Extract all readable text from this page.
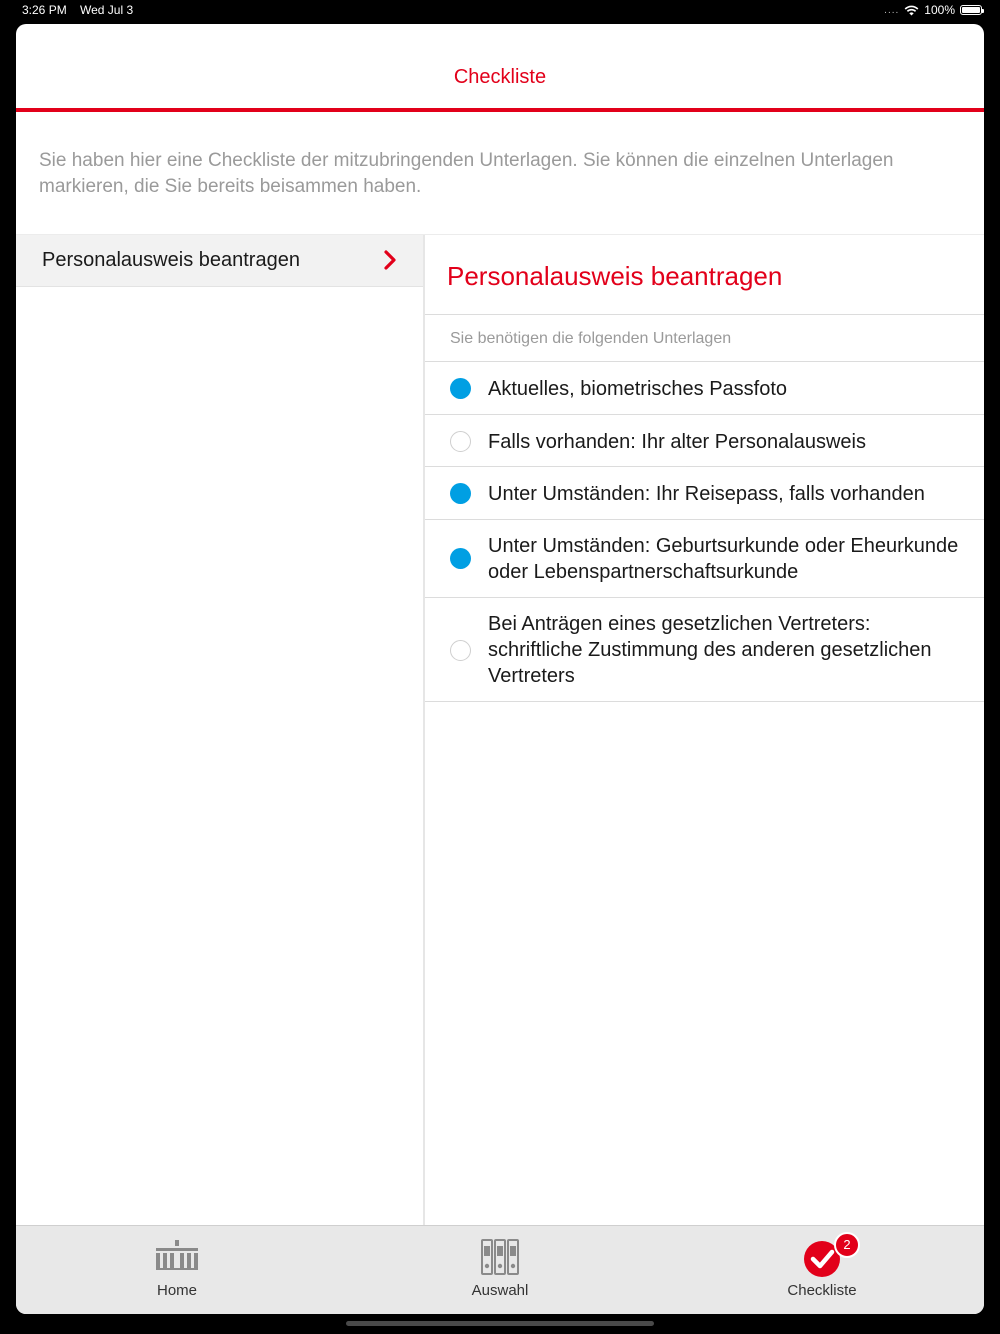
3:26 PM Wed Jul 3	.... 100%
Checkliste
Sie haben hier eine Checkliste der mitzubringenden Unterlagen. Sie können die einzelnen Unterlagen markieren, die Sie bereits beisammen haben.
Personalausweis beantragen
Personalausweis beantragen
Sie benötigen die folgenden Unterlagen
Aktuelles, biometrisches Passfoto
Falls vorhanden: Ihr alter Personalausweis
Unter Umständen: Ihr Reisepass, falls vorhanden
Unter Umständen: Geburtsurkunde oder Eheurkunde oder Lebenspartnerschaftsurkunde
Bei Anträgen eines gesetzlichen Vertreters: schriftliche Zustimmung des anderen gesetzlichen Vertreters
Home	Auswahl
2
Checkliste
